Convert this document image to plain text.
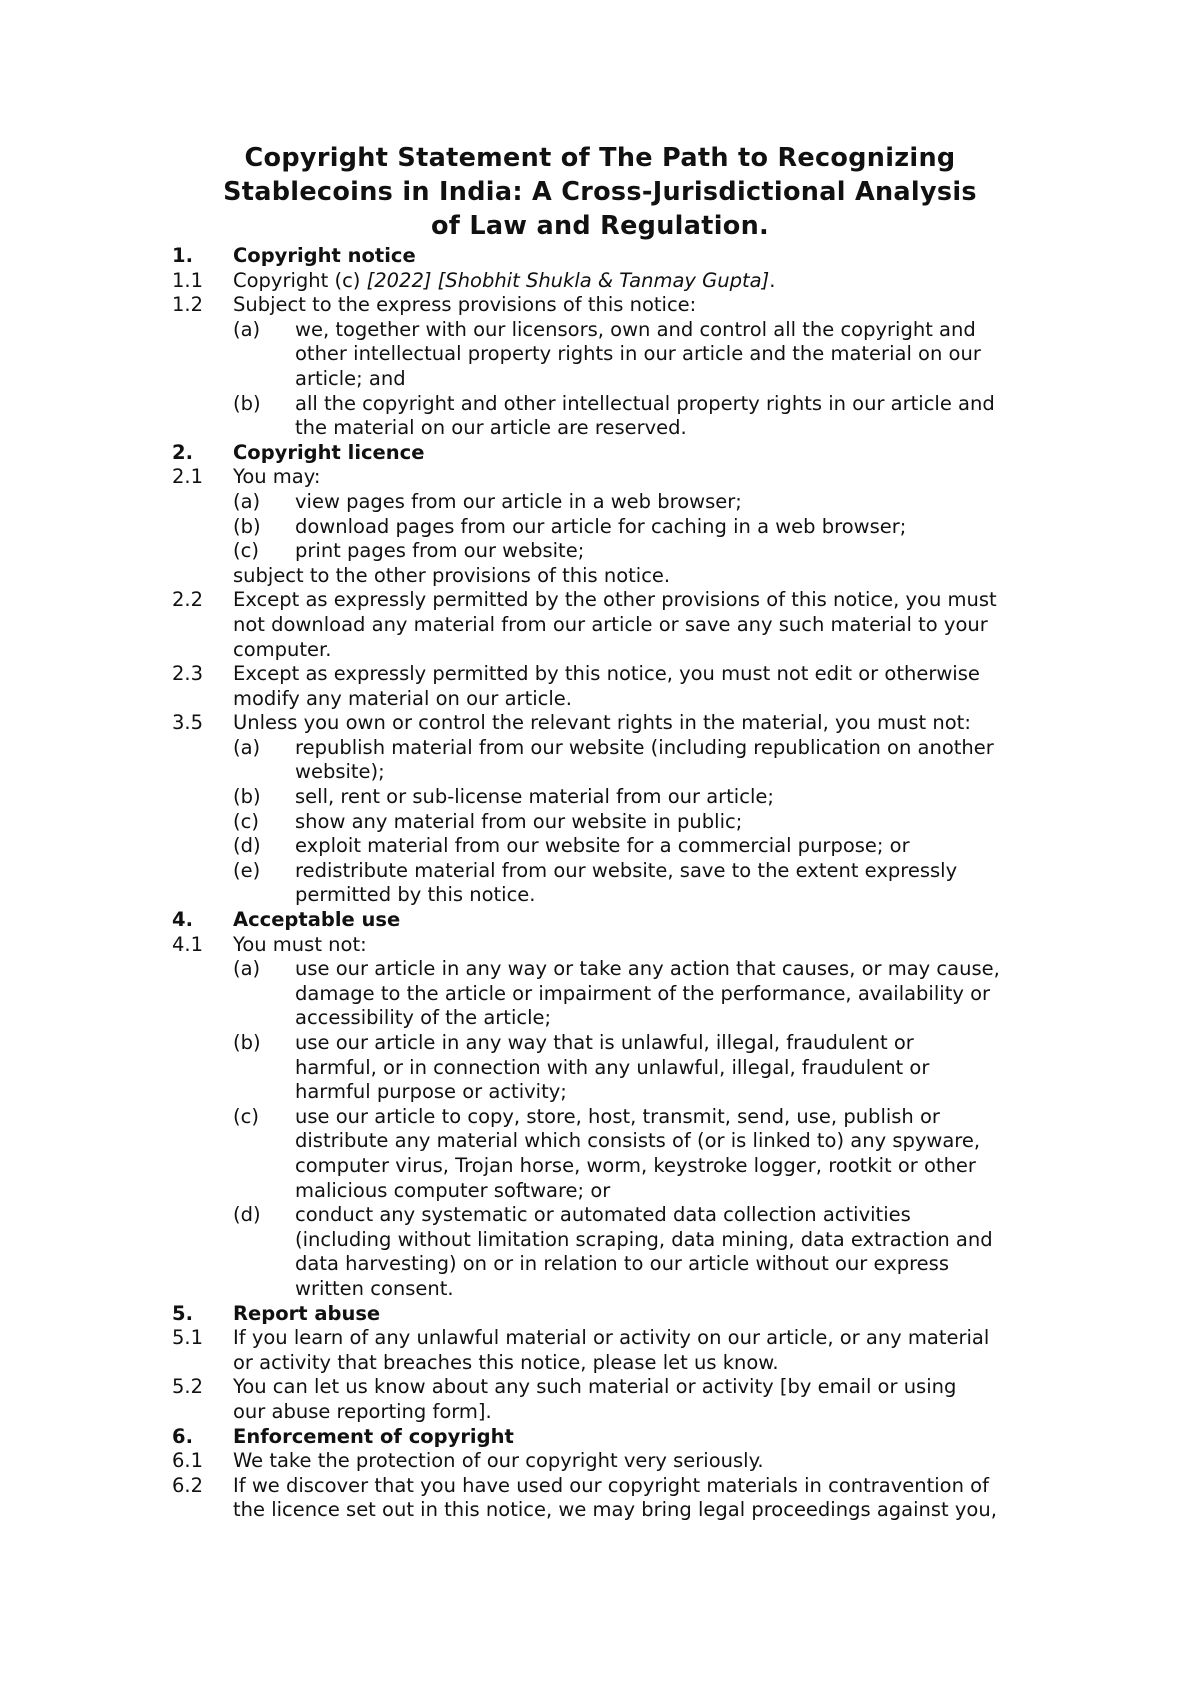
Copyright Statement of The Path to Recognizing
Stablecoins in India: A Cross-Jurisdictional Analysis
of Law and Regulation.
1. Copyright notice
1.1 Copyright (c) [2022] [Shobhit Shukla & Tanmay Gupta].
1.2 Subject to the express provisions of this notice:
(a) we, together with our licensors, own and control all the copyright and
other intellectual property rights in our article and the material on our
article; and
(b) all the copyright and other intellectual property rights in our article and
the material on our article are reserved.
2. Copyright licence
2.1 You may:
(a) view pages from our article in a web browser;
(b) download pages from our article for caching in a web browser;
(c) print pages from our website;
subject to the other provisions of this notice.
2.2 Except as expressly permitted by the other provisions of this notice, you must
not download any material from our article or save any such material to your
computer.
2.3 Except as expressly permitted by this notice, you must not edit or otherwise
modify any material on our article.
3.5 Unless you own or control the relevant rights in the material, you must not:
(a) republish material from our website (including republication on another
website);
(b) sell, rent or sub-license material from our article;
(c) show any material from our website in public;
(d) exploit material from our website for a commercial purpose; or
(e) redistribute material from our website, save to the extent expressly
permitted by this notice.
4. Acceptable use
4.1 You must not:
(a) use our article in any way or take any action that causes, or may cause,
damage to the article or impairment of the performance, availability or
accessibility of the article;
(b) use our article in any way that is unlawful, illegal, fraudulent or
harmful, or in connection with any unlawful, illegal, fraudulent or
harmful purpose or activity;
(c) use our article to copy, store, host, transmit, send, use, publish or
distribute any material which consists of (or is linked to) any spyware,
computer virus, Trojan horse, worm, keystroke logger, rootkit or other
malicious computer software; or
(d) conduct any systematic or automated data collection activities
(including without limitation scraping, data mining, data extraction and
data harvesting) on or in relation to our article without our express
written consent.
5. Report abuse
5.1 If you learn of any unlawful material or activity on our article, or any material
or activity that breaches this notice, please let us know.
5.2 You can let us know about any such material or activity [by email or using
our abuse reporting form].
6. Enforcement of copyright
6.1 We take the protection of our copyright very seriously.
6.2 If we discover that you have used our copyright materials in contravention of
the licence set out in this notice, we may bring legal proceedings against you,
